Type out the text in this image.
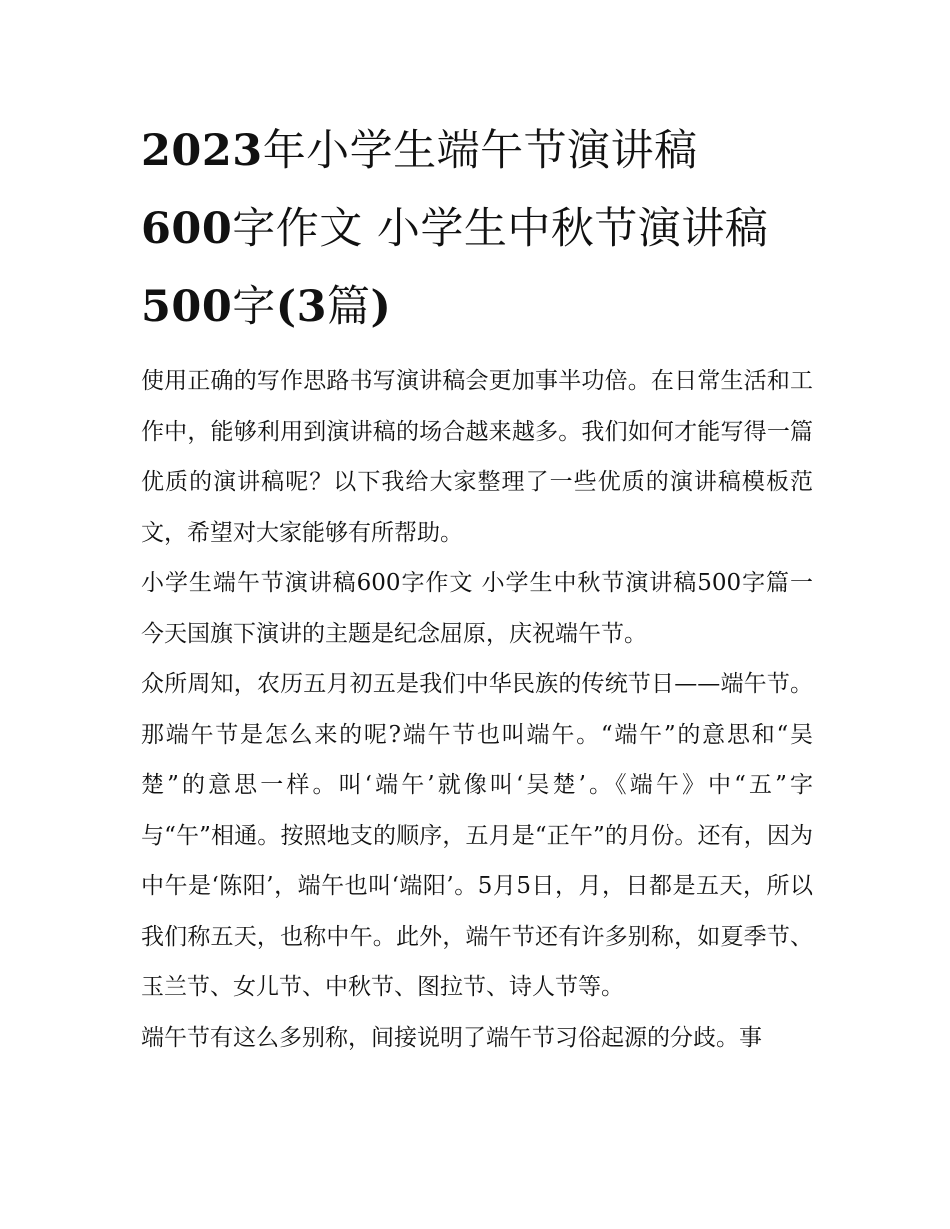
2023年小学生端午节演讲稿
600字作文 小学生中秋节演讲稿500字(3篇)

使用正确的写作思路书写演讲稿会更加事半功倍。在日常生活和工作中，能够利用到演讲稿的场合越来越多。我们如何才能写得一篇优质的演讲稿呢？以下我给大家整理了一些优质的演讲稿模板范文，希望对大家能够有所帮助。

小学生端午节演讲稿600字作文 小学生中秋节演讲稿500字篇一 今天国旗下演讲的主题是纪念屈原，庆祝端午节。

众所周知，农历五月初五是我们中华民族的传统节日——端午节。那端午节是怎么来的呢?端午节也叫端午。“端午”的意思和“吴楚”的意思一样。叫‘端午’就像叫‘吴楚’。《端午》中“五”字与“午”相通。按照地支的顺序，五月是“正午”的月份。还有，因为中午是‘陈阳’，端午也叫‘端阳’。5月5日，月，日都是五天，所以我们称五天，也称中午。此外，端午节还有许多别称，如夏季节、玉兰节、女儿节、中秋节、图拉节、诗人节等。

端午节有这么多别称，间接说明了端午节习俗起源的分歧。事
